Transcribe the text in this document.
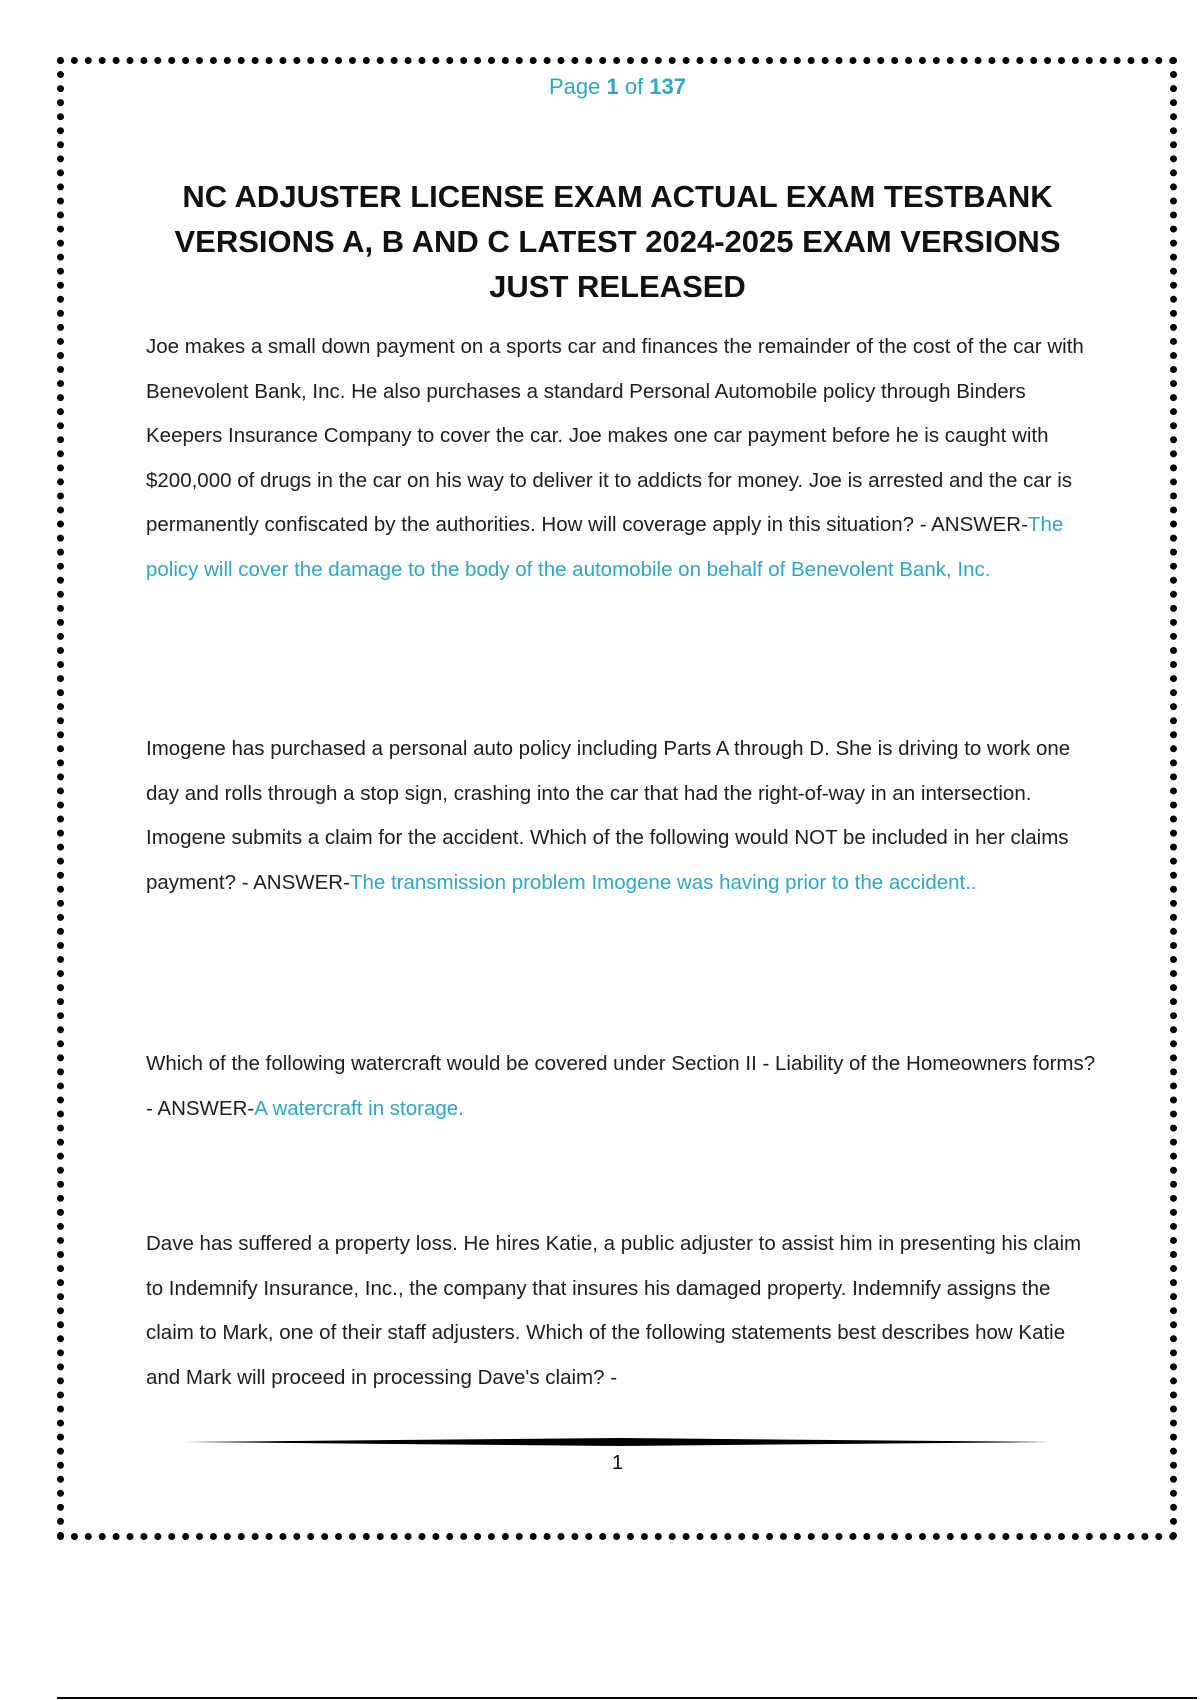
Page 1 of 137
NC ADJUSTER LICENSE EXAM ACTUAL EXAM TESTBANK VERSIONS A, B AND C LATEST 2024-2025 EXAM VERSIONS JUST RELEASED

Joe makes a small down payment on a sports car and finances the remainder of the cost of the car with Benevolent Bank, Inc. He also purchases a standard Personal Automobile policy through Binders Keepers Insurance Company to cover the car. Joe makes one car payment before he is caught with $200,000 of drugs in the car on his way to deliver it to addicts for money. Joe is arrested and the car is permanently confiscated by the authorities. How will coverage apply in this situation? - ANSWER-The policy will cover the damage to the body of the automobile on behalf of Benevolent Bank, Inc.

Imogene has purchased a personal auto policy including Parts A through D. She is driving to work one day and rolls through a stop sign, crashing into the car that had the right-of-way in an intersection. Imogene submits a claim for the accident. Which of the following would NOT be included in her claims payment? - ANSWER-The transmission problem Imogene was having prior to the accident..

Which of the following watercraft would be covered under Section II - Liability of the Homeowners forms? - ANSWER-A watercraft in storage.

Dave has suffered a property loss. He hires Katie, a public adjuster to assist him in presenting his claim to Indemnify Insurance, Inc., the company that insures his damaged property. Indemnify assigns the claim to Mark, one of their staff adjusters. Which of the following statements best describes how Katie and Mark will proceed in processing Dave's claim? -

1
